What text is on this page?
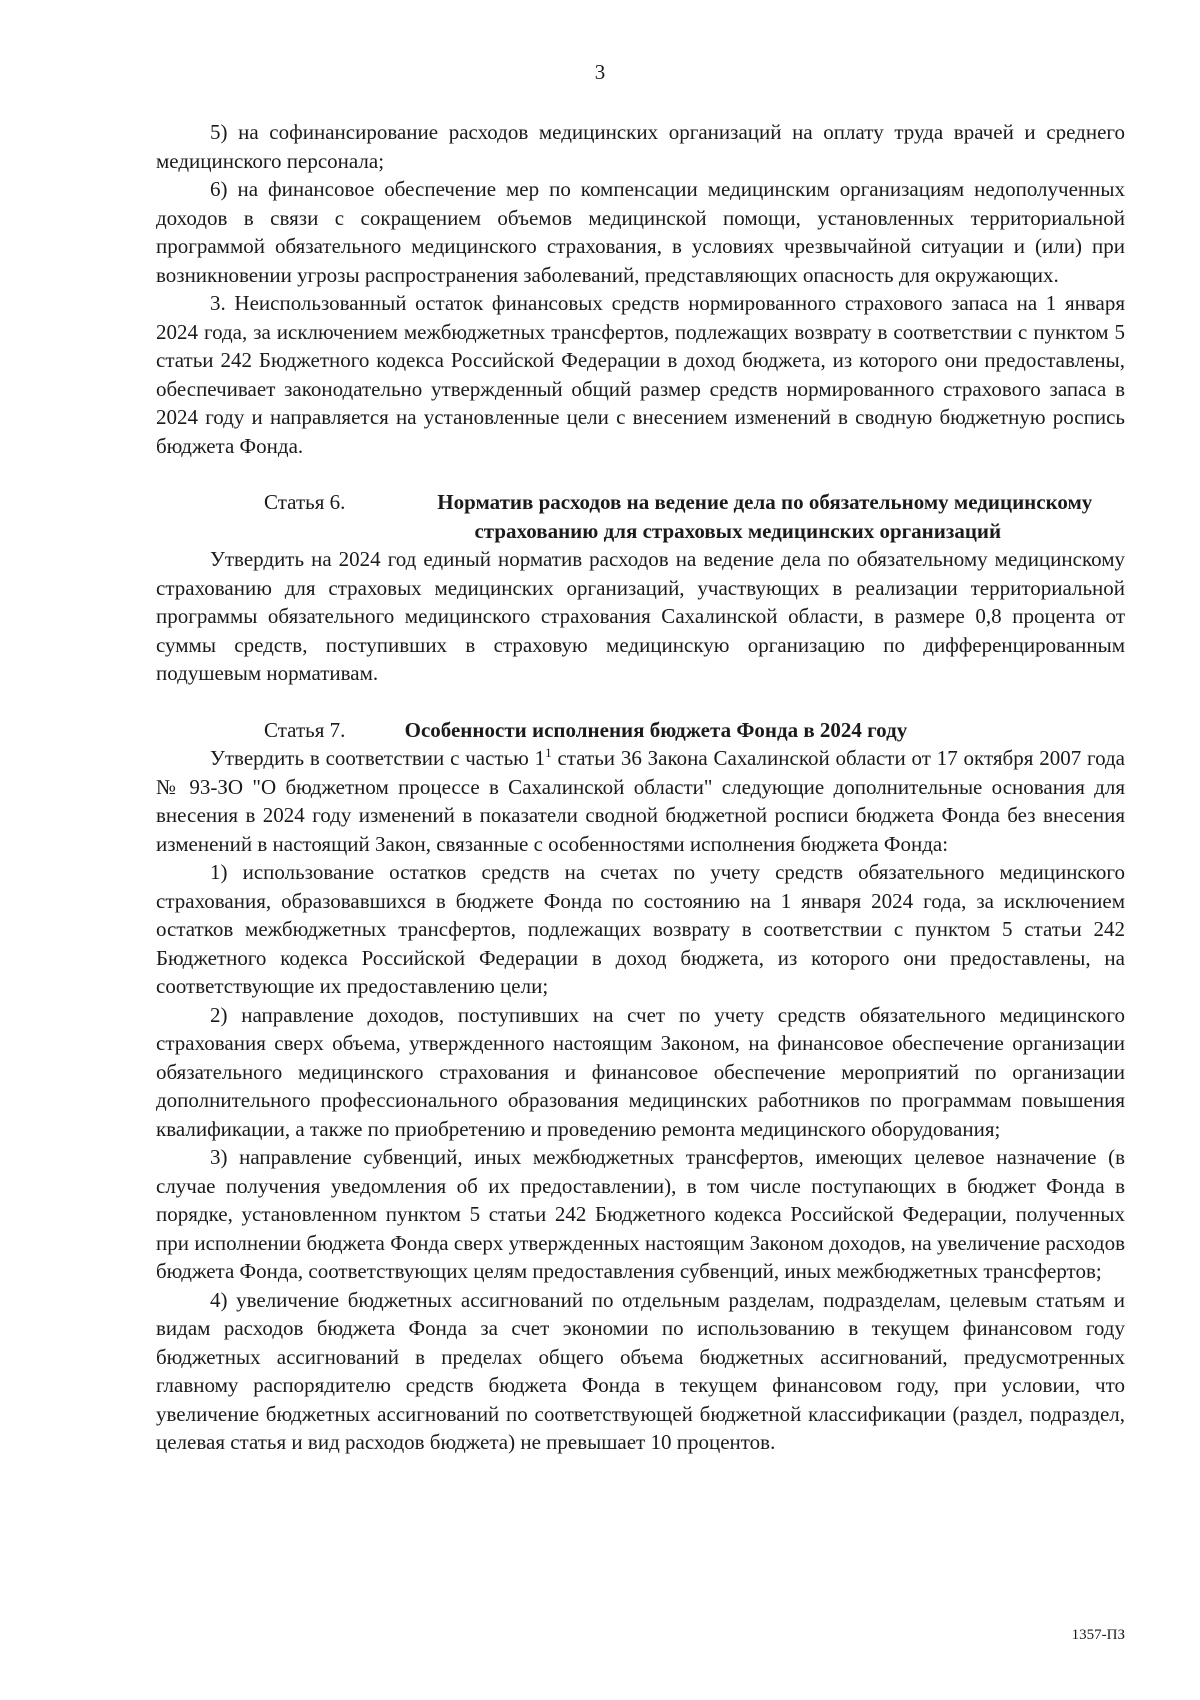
3

5) на софинансирование расходов медицинских организаций на оплату труда врачей и среднего медицинского персонала;

6) на финансовое обеспечение мер по компенсации медицинским организациям недополученных доходов в связи с сокращением объемов медицинской помощи, установленных территориальной программой обязательного медицинского страхования, в условиях чрезвычайной ситуации и (или) при возникновении угрозы распространения заболеваний, представляющих опасность для окружающих.

3. Неиспользованный остаток финансовых средств нормированного страхового запаса на 1 января 2024 года, за исключением межбюджетных трансфертов, подлежащих возврату в соответствии с пунктом 5 статьи 242 Бюджетного кодекса Российской Федерации в доход бюджета, из которого они предоставлены, обеспечивает законодательно утвержденный общий размер средств нормированного страхового запаса в 2024 году и направляется на установленные цели с внесением изменений в сводную бюджетную роспись бюджета Фонда.

Статья 6.	Норматив расходов на ведение дела по обязательному медицинскому страхованию для страховых медицинских организаций

Утвердить на 2024 год единый норматив расходов на ведение дела по обязательному медицинскому страхованию для страховых медицинских организаций, участвующих в реализации территориальной программы обязательного медицинского страхования Сахалинской области, в размере 0,8 процента от суммы средств, поступивших в страховую медицинскую организацию по дифференцированным подушевым нормативам.

Статья 7.	Особенности исполнения бюджета Фонда в 2024 году

Утвердить в соответствии с частью $1^1$ статьи 36 Закона Сахалинской области от 17 октября 2007 года № 93-ЗО "О бюджетном процессе в Сахалинской области" следующие дополнительные основания для внесения в 2024 году изменений в показатели сводной бюджетной росписи бюджета Фонда без внесения изменений в настоящий Закон, связанные с особенностями исполнения бюджета Фонда:

1) использование остатков средств на счетах по учету средств обязательного медицинского страхования, образовавшихся в бюджете Фонда по состоянию на 1 января 2024 года, за исключением остатков межбюджетных трансфертов, подлежащих возврату в соответствии с пунктом 5 статьи 242 Бюджетного кодекса Российской Федерации в доход бюджета, из которого они предоставлены, на соответствующие их предоставлению цели;

2) направление доходов, поступивших на счет по учету средств обязательного медицинского страхования сверх объема, утвержденного настоящим Законом, на финансовое обеспечение организации обязательного медицинского страхования и финансовое обеспечение мероприятий по организации дополнительного профессионального образования медицинских работников по программам повышения квалификации, а также по приобретению и проведению ремонта медицинского оборудования;

3) направление субвенций, иных межбюджетных трансфертов, имеющих целевое назначение (в случае получения уведомления об их предоставлении), в том числе поступающих в бюджет Фонда в порядке, установленном пунктом 5 статьи 242 Бюджетного кодекса Российской Федерации, полученных при исполнении бюджета Фонда сверх утвержденных настоящим Законом доходов, на увеличение расходов бюджета Фонда, соответствующих целям предоставления субвенций, иных межбюджетных трансфертов;

4) увеличение бюджетных ассигнований по отдельным разделам, подразделам, целевым статьям и видам расходов бюджета Фонда за счет экономии по использованию в текущем финансовом году бюджетных ассигнований в пределах общего объема бюджетных ассигнований, предусмотренных главному распорядителю средств бюджета Фонда в текущем финансовом году, при условии, что увеличение бюджетных ассигнований по соответствующей бюджетной классификации (раздел, подраздел, целевая статья и вид расходов бюджета) не превышает 10 процентов.

1357-ПЗ
